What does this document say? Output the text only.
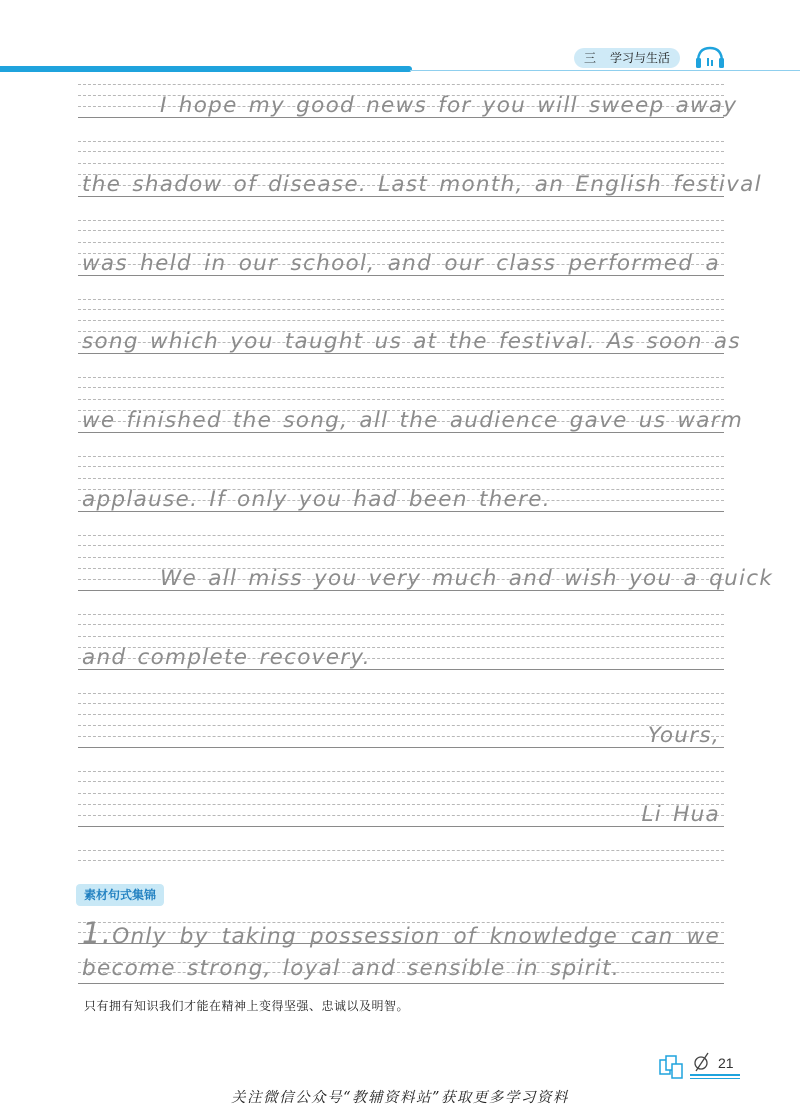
三 学习与生活
I hope my good news for you will sweep away
the shadow of disease. Last month, an English festival
was held in our school, and our class performed a
song which you taught us at the festival. As soon as
we finished the song, all the audience gave us warm
applause. If only you had been there.
We all miss you very much and wish you a quick
and complete recovery.
Yours,
Li Hua
素材句式集锦
1.Only by taking possession of knowledge can we
become strong, loyal and sensible in spirit.
只有拥有知识我们才能在精神上变得坚强、忠诚以及明智。
21
关注微信公众号“教辅资料站”获取更多学习资料
